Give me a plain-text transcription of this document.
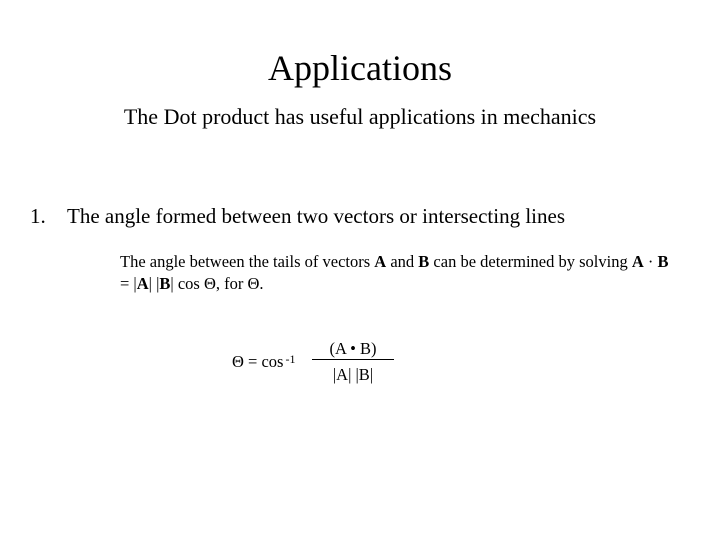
Applications
The Dot product has useful applications in mechanics
1. The angle formed between two vectors or intersecting lines
The angle between the tails of vectors A and B can be determined by solving A · B = |A| |B| cos Θ, for Θ.
Θ = cos $^{-1}$
(A • B)
|A| |B|
